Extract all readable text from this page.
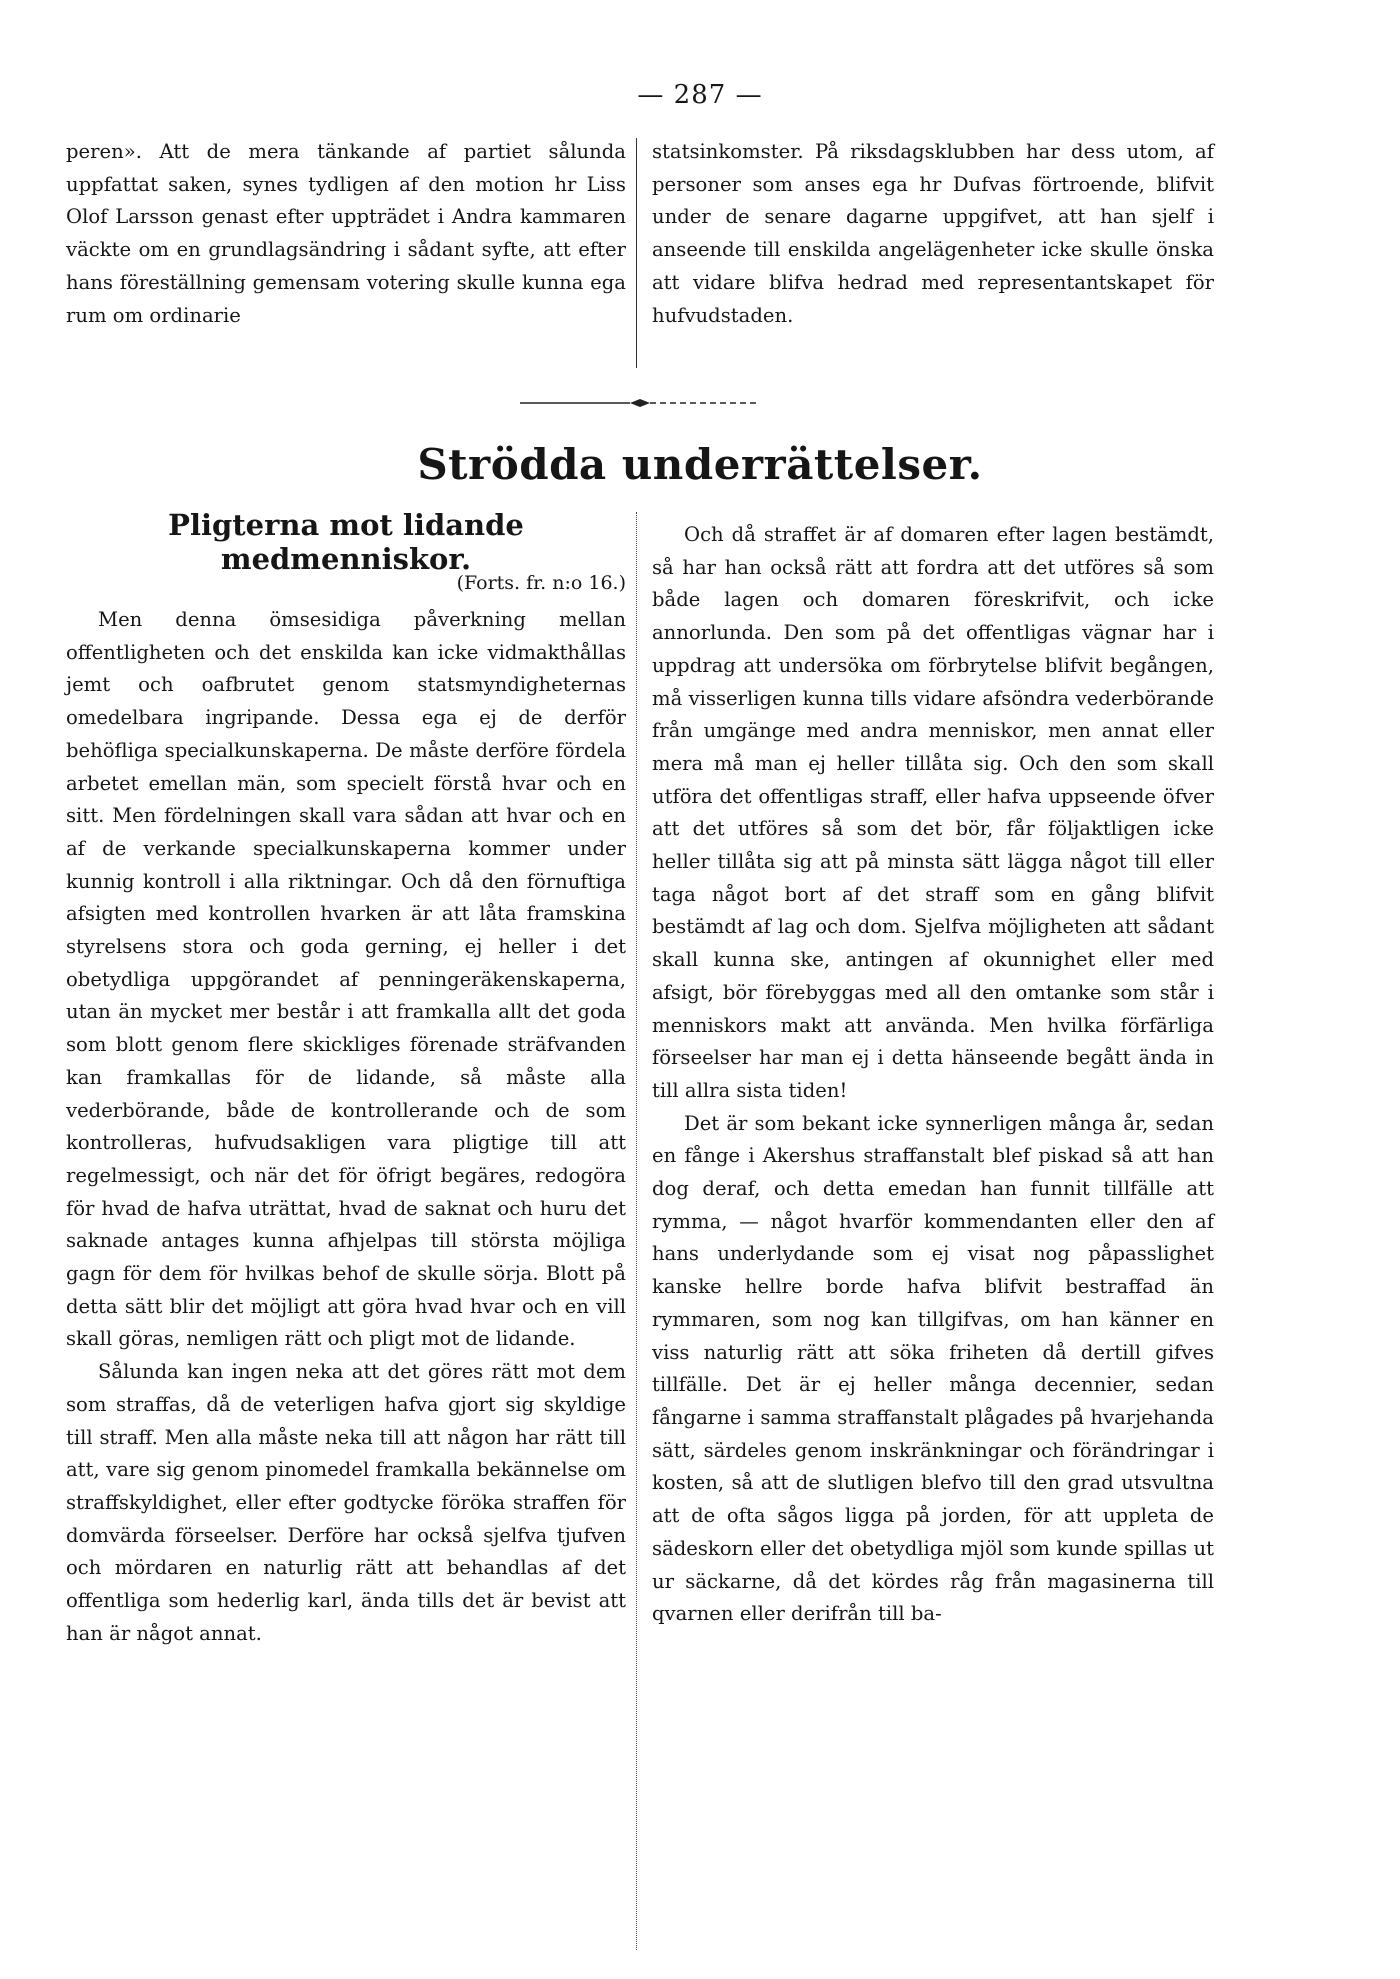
— 287 —

peren». Att de mera tänkande af partiet sålunda uppfattat saken, synes tydligen af den motion hr Liss Olof Larsson genast efter uppträdet i Andra kammaren väckte om en grundlagsändring i sådant syfte, att efter hans föreställning gemensam votering skulle kunna ega rum om ordinarie

statsinkomster. På riksdagsklubben har dess utom, af personer som anses ega hr Dufvas förtroende, blifvit under de senare dagarne uppgifvet, att han sjelf i anseende till enskilda angelägenheter icke skulle önska att vidare blifva hedrad med representantskapet för hufvudstaden.

Strödda underrättelser.
Pligterna mot lidande medmenniskor.
(Forts. fr. n:o 16.)

Men denna ömsesidiga påverkning mellan offentligheten och det enskilda kan icke vidmakthållas jemt och oafbrutet genom statsmyndigheternas omedelbara ingripande. Dessa ega ej de derför behöfliga specialkunskaperna. De måste derföre fördela arbetet emellan män, som specielt förstå hvar och en sitt. Men fördelningen skall vara sådan att hvar och en af de verkande specialkunskaperna kommer under kunnig kontroll i alla riktningar. Och då den förnuftiga afsigten med kontrollen hvarken är att låta framskina styrelsens stora och goda gerning, ej heller i det obetydliga uppgörandet af penningeräkenskaperna, utan än mycket mer består i att framkalla allt det goda som blott genom flere skickliges förenade sträfvanden kan framkallas för de lidande, så måste alla vederbörande, både de kontrollerande och de som kontrolleras, hufvudsakligen vara pligtige till att regelmessigt, och när det för öfrigt begäres, redogöra för hvad de hafva uträttat, hvad de saknat och huru det saknade antages kunna afhjelpas till största möjliga gagn för dem för hvilkas behof de skulle sörja. Blott på detta sätt blir det möjligt att göra hvad hvar och en vill skall göras, nemligen rätt och pligt mot de lidande.

Sålunda kan ingen neka att det göres rätt mot dem som straffas, då de veterligen hafva gjort sig skyldige till straff. Men alla måste neka till att någon har rätt till att, vare sig genom pinomedel framkalla bekännelse om straffskyldighet, eller efter godtycke föröka straffen för domvärda förseelser. Derföre har också sjelfva tjufven och mördaren en naturlig rätt att behandlas af det offentliga som hederlig karl, ända tills det är bevist att han är något annat.

Och då straffet är af domaren efter lagen bestämdt, så har han också rätt att fordra att det utföres så som både lagen och domaren föreskrifvit, och icke annorlunda. Den som på det offentligas vägnar har i uppdrag att undersöka om förbrytelse blifvit begången, må visserligen kunna tills vidare afsöndra vederbörande från umgänge med andra menniskor, men annat eller mera må man ej heller tillåta sig. Och den som skall utföra det offentligas straff, eller hafva uppseende öfver att det utföres så som det bör, får följaktligen icke heller tillåta sig att på minsta sätt lägga något till eller taga något bort af det straff som en gång blifvit bestämdt af lag och dom. Sjelfva möjligheten att sådant skall kunna ske, antingen af okunnighet eller med afsigt, bör förebyggas med all den omtanke som står i menniskors makt att använda. Men hvilka förfärliga förseelser har man ej i detta hänseende begått ända in till allra sista tiden!

Det är som bekant icke synnerligen många år, sedan en fånge i Akershus straffanstalt blef piskad så att han dog deraf, och detta emedan han funnit tillfälle att rymma, — något hvarför kommendanten eller den af hans underlydande som ej visat nog påpasslighet kanske hellre borde hafva blifvit bestraffad än rymmaren, som nog kan tillgifvas, om han känner en viss naturlig rätt att söka friheten då dertill gifves tillfälle. Det är ej heller många decennier, sedan fångarne i samma straffanstalt plågades på hvarjehanda sätt, särdeles genom inskränkningar och förändringar i kosten, så att de slutligen blefvo till den grad utsvultna att de ofta sågos ligga på jorden, för att uppleta de sädeskorn eller det obetydliga mjöl som kunde spillas ut ur säckarne, då det kördes råg från magasinerna till qvarnen eller derifrån till ba-
